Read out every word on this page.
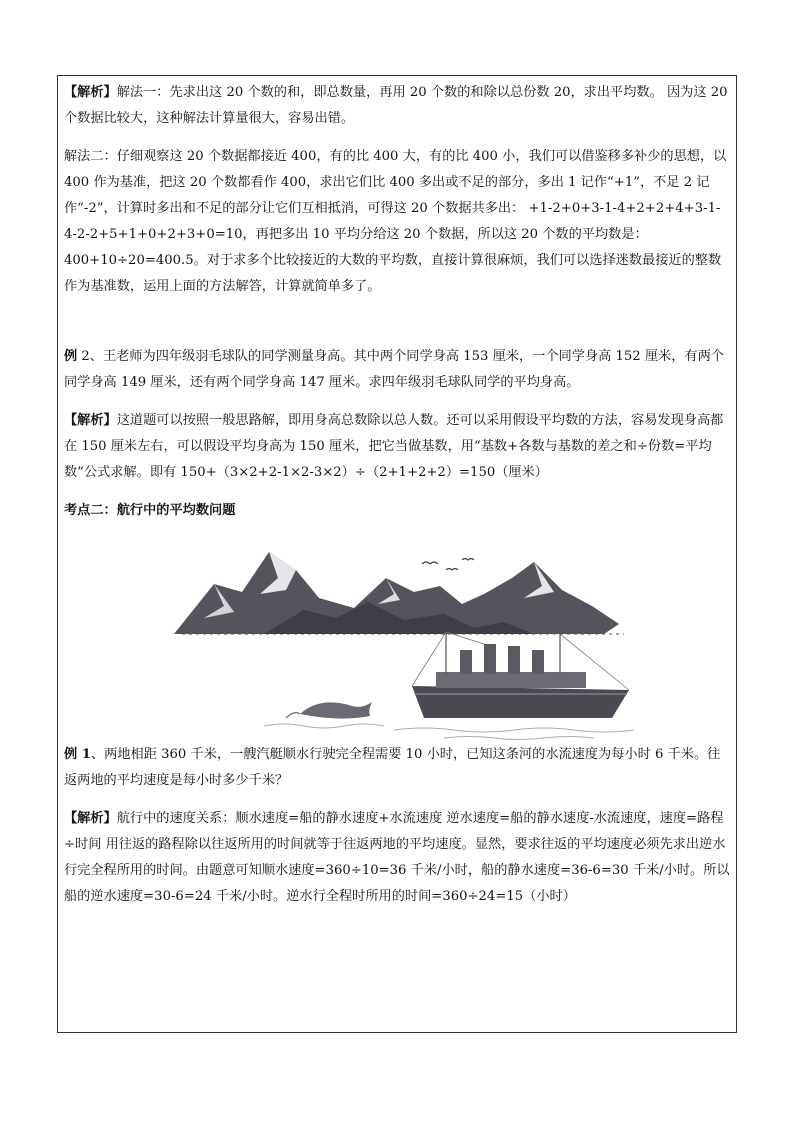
【解析】解法一：先求出这 20 个数的和，即总数量，再用 20 个数的和除以总份数 20，求出平均数。 因为这 20 个数据比较大，这种解法计算量很大，容易出错。

解法二：仔细观察这 20 个数据都接近 400，有的比 400 大，有的比 400 小，我们可以借鉴移多补少的思想，以 400 作为基准，把这 20 个数都看作 400，求出它们比 400 多出或不足的部分，多出 1 记作“+1”，不足 2 记作“-2”，计算时多出和不足的部分让它们互相抵消，可得这 20 个数据共多出： +1-2+0+3-1-4+2+2+4+3-1-4-2-2+5+1+0+2+3+0=10，再把多出 10 平均分给这 20 个数据，所以这 20 个数的平均数是： 400+10÷20=400.5。对于求多个比较接近的大数的平均数，直接计算很麻烦，我们可以选择迷数最接近的整数作为基准数，运用上面的方法解答，计算就简单多了。

例 2、王老师为四年级羽毛球队的同学测量身高。其中两个同学身高 153 厘米，一个同学身高 152 厘米，有两个同学身高 149 厘米，还有两个同学身高 147 厘米。求四年级羽毛球队同学的平均身高。

【解析】这道题可以按照一般思路解，即用身高总数除以总人数。还可以采用假设平均数的方法，容易发现身高都在 150 厘米左右，可以假设平均身高为 150 厘米，把它当做基数，用“基数+各数与基数的差之和÷份数=平均数”公式求解。即有 150+（3×2+2-1×2-3×2）÷（2+1+2+2）=150（厘米）

考点二：航行中的平均数问题

例 1、两地相距 360 千米，一艘汽艇顺水行驶完全程需要 10 小时，已知这条河的水流速度为每小时 6 千米。往返两地的平均速度是每小时多少千米？

【解析】航行中的速度关系：顺水速度=船的静水速度+水流速度 逆水速度=船的静水速度-水流速度，速度=路程÷时间 用往返的路程除以往返所用的时间就等于往返两地的平均速度。显然，要求往返的平均速度必须先求出逆水行完全程所用的时间。由题意可知顺水速度=360÷10=36 千米/小时，船的静水速度=36-6=30 千米/小时。所以船的逆水速度=30-6=24 千米/小时。逆水行全程时所用的时间=360÷24=15（小时）
